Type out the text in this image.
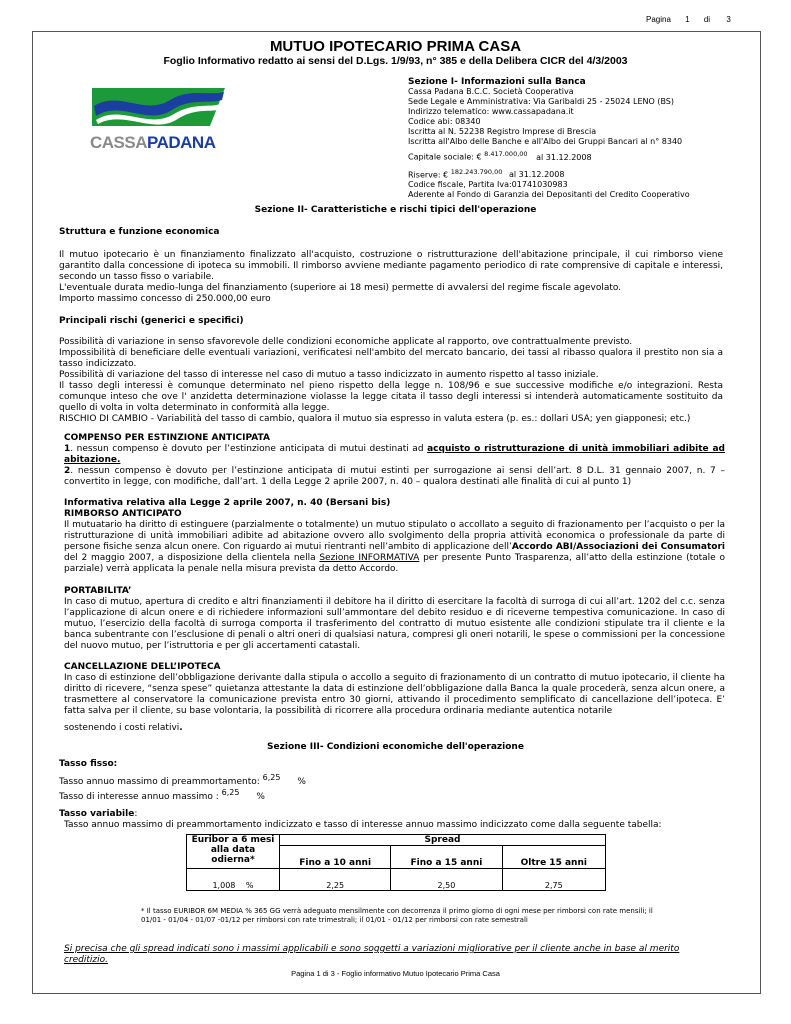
Pagina 1 di 3
MUTUO IPOTECARIO PRIMA CASA
Foglio Informativo redatto ai sensi del D.Lgs. 1/9/93, n° 385 e della Delibera CICR del 4/3/2003
CASSAPADANA
Sezione I- Informazioni sulla Banca
Cassa Padana B.C.C. Società Cooperativa
Sede Legale e Amministrativa: Via Garibaldi 25 - 25024 LENO (BS)
Indirizzo telematico: www.cassapadana.it
Codice abi: 08340
Iscritta al N. 52238 Registro Imprese di Brescia
Iscritta all'Albo delle Banche e all'Albo dei Gruppi Bancari al n° 8340

Capitale sociale: € $^{8.417.000,00}$ al 31.12.2008
Riserve: € $^{182.243.790,00}$ al 31.12.2008
Codice fiscale, Partita Iva:01741030983
Aderente al Fondo di Garanzia dei Depositanti del Credito Cooperativo
Sezione II- Caratteristiche e rischi tipici dell'operazione
Struttura e funzione economica
Il mutuo ipotecario è un finanziamento finalizzato all'acquisto, costruzione o ristrutturazione dell'abitazione principale, il cui rimborso viene garantito dalla concessione di ipoteca su immobili. Il rimborso avviene mediante pagamento periodico di rate comprensive di capitale e interessi, secondo un tasso fisso o variabile.
L'eventuale durata medio-lunga del finanziamento (superiore ai 18 mesi) permette di avvalersi del regime fiscale agevolato.
Importo massimo concesso di 250.000,00 euro
Principali rischi (generici e specifici)
Possibilità di variazione in senso sfavorevole delle condizioni economiche applicate al rapporto, ove contrattualmente previsto.
Impossibilità di beneficiare delle eventuali variazioni, verificatesi nell'ambito del mercato bancario, dei tassi al ribasso qualora il prestito non sia a tasso indicizzato.
Possibilità di variazione del tasso di interesse nel caso di mutuo a tasso indicizzato in aumento rispetto al tasso iniziale.
Il tasso degli interessi è comunque determinato nel pieno rispetto della legge n. 108/96 e sue successive modifiche e/o integrazioni. Resta comunque inteso che ove l' anzidetta determinazione violasse la legge citata il tasso degli interessi si intenderà automaticamente sostituito da quello di volta in volta determinato in conformità alla legge.
RISCHIO DI CAMBIO - Variabilità del tasso di cambio, qualora il mutuo sia espresso in valuta estera (p. es.: dollari USA; yen giapponesi; etc.)
COMPENSO PER ESTINZIONE ANTICIPATA
1. nessun compenso è dovuto per l’estinzione anticipata di mutui destinati ad acquisto o ristrutturazione di unità immobiliari adibite ad abitazione.
2. nessun compenso è dovuto per l’estinzione anticipata di mutui estinti per surrogazione ai sensi dell’art. 8 D.L. 31 gennaio 2007, n. 7 – convertito in legge, con modifiche, dall’art. 1 della Legge 2 aprile 2007, n. 40 – qualora destinati alle finalità di cui al punto 1)
Informativa relativa alla Legge 2 aprile 2007, n. 40 (Bersani bis)
RIMBORSO ANTICIPATO
Il mutuatario ha diritto di estinguere (parzialmente o totalmente) un mutuo stipulato o accollato a seguito di frazionamento per l’acquisto o per la ristrutturazione di unità immobiliari adibite ad abitazione ovvero allo svolgimento della propria attività economica o professionale da parte di persone fisiche senza alcun onere. Con riguardo ai mutui rientranti nell’ambito di applicazione dell’Accordo ABI/Associazioni dei Consumatori del 2 maggio 2007, a disposizione della clientela nella Sezione INFORMATIVA per presente Punto Trasparenza, all’atto della estinzione (totale o parziale) verrà applicata la penale nella misura prevista da detto Accordo.
PORTABILITA’
In caso di mutuo, apertura di credito e altri finanziamenti il debitore ha il diritto di esercitare la facoltà di surroga di cui all’art. 1202 del c.c. senza l’applicazione di alcun onere e di richiedere informazioni sull’ammontare del debito residuo e di riceverne tempestiva comunicazione. In caso di mutuo, l’esercizio della facoltà di surroga comporta il trasferimento del contratto di mutuo esistente alle condizioni stipulate tra il cliente e la banca subentrante con l’esclusione di penali o altri oneri di qualsiasi natura, compresi gli oneri notarili, le spese o commissioni per la concessione del nuovo mutuo, per l’istruttoria e per gli accertamenti catastali.
CANCELLAZIONE DELL’IPOTECA
In caso di estinzione dell’obbligazione derivante dalla stipula o accollo a seguito di frazionamento di un contratto di mutuo ipotecario, il cliente ha diritto di ricevere, “senza spese” quietanza attestante la data di estinzione dell’obbligazione dalla Banca la quale procederà, senza alcun onere, a trasmettere al conservatore la comunicazione prevista entro 30 giorni, attivando il procedimento semplificato di cancellazione dell’ipoteca. E’ fatta salva per il cliente, su base volontaria, la possibilità di ricorrere alla procedura ordinaria mediante autentica notarile
sostenendo i costi relativi.
Sezione III- Condizioni economiche dell'operazione
Tasso fisso:
Tasso annuo massimo di preammortamento: $^{6,25}$ %
Tasso di interesse annuo massimo : $^{6,25}$ %
Tasso variabile:
Tasso annuo massimo di preammortamento indicizzato e tasso di interesse annuo massimo indicizzato come dalla seguente tabella:
Euribor a 6 mesi alla data odierna*	Spread		
	Fino a 10 anni	Fino a 15 anni	Oltre 15 anni
1,008 %	2,25	2,50	2,75
* Il tasso EURIBOR 6M MEDIA % 365 GG verrà adeguato mensilmente con decorrenza il primo giorno di ogni mese per rimborsi con rate mensili; il 01/01 - 01/04 - 01/07 -01/12 per rimborsi con rate trimestrali; il 01/01 - 01/12 per rimborsi con rate semestrali
Si precisa che gli spread indicati sono i massimi applicabili e sono soggetti a variazioni migliorative per il cliente anche in base al merito creditizio.
Pagina 1 di 3 - Foglio informativo Mutuo Ipotecario Prima Casa
